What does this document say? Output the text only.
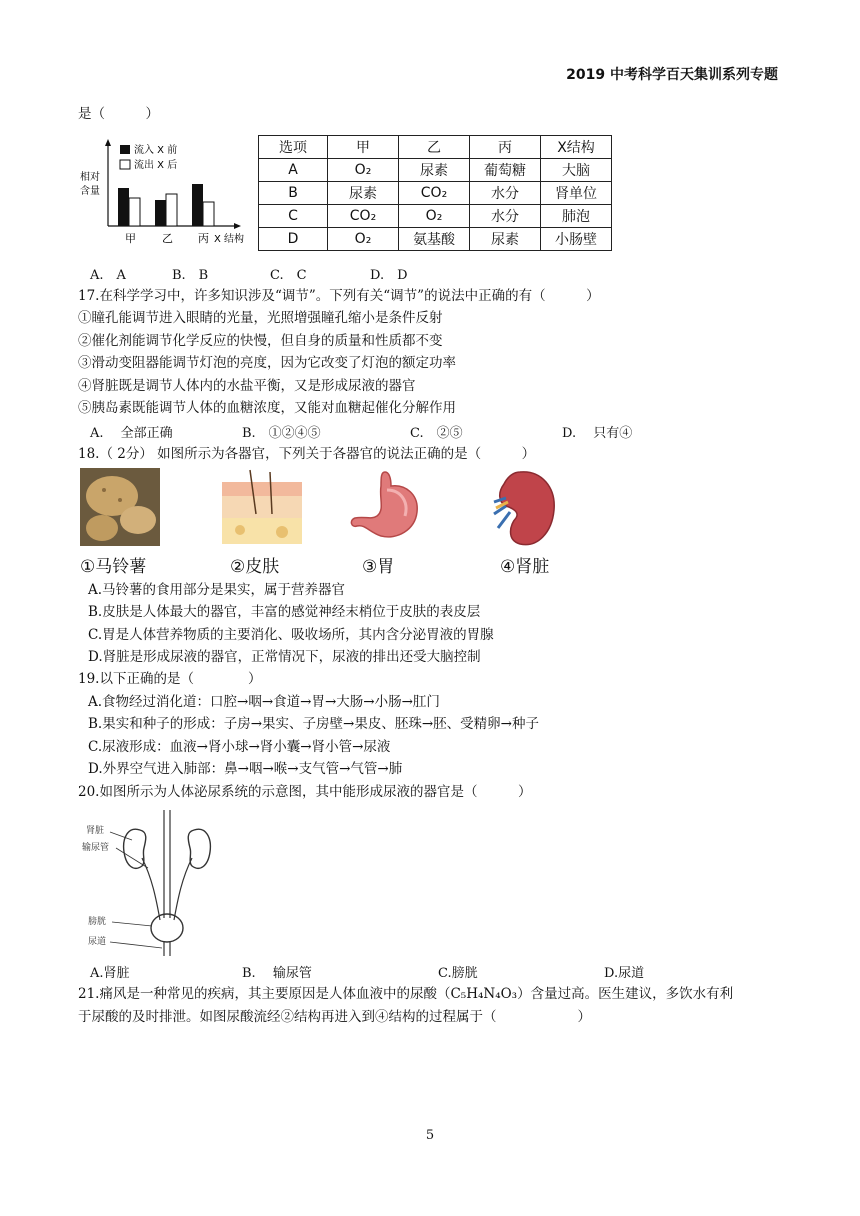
2019 中考科学百天集训系列专题
是（　　　）
相对
含量
流入 X 前
流出 X 后
甲 乙 丙 X 结构
选项	甲	乙	丙	X结构
A	O₂	尿素	葡萄糖	大脑
B	尿素	CO₂	水分	肾单位
C	CO₂	O₂	水分	肺泡
D	O₂	氨基酸	尿素	小肠壁
A.　A	B.　B	C.　C	D.　D
17.在科学学习中，许多知识涉及“调节”。下列有关“调节”的说法中正确的有（　　　）
①瞳孔能调节进入眼睛的光量，光照增强瞳孔缩小是条件反射
②催化剂能调节化学反应的快慢，但自身的质量和性质都不变
③滑动变阻器能调节灯泡的亮度，因为它改变了灯泡的额定功率
④肾脏既是调节人体内的水盐平衡，又是形成尿液的器官
⑤胰岛素既能调节人体的血糖浓度，又能对血糖起催化分解作用
A.　 全部正确	B.　①②④⑤	C.　②⑤	D.　 只有④
18.（ 2分） 如图所示为各器官，下列关于各器官的说法正确的是（　　　）
①马铃薯	②皮肤	③胃	④肾脏
A.马铃薯的食用部分是果实，属于营养器官
B.皮肤是人体最大的器官，丰富的感觉神经末梢位于皮肤的表皮层
C.胃是人体营养物质的主要消化、吸收场所，其内含分泌胃液的胃腺
D.肾脏是形成尿液的器官，正常情况下，尿液的排出还受大脑控制
19.以下正确的是（　　　　）
A.食物经过消化道：口腔→咽→食道→胃→大肠→小肠→肛门
B.果实和种子的形成：子房→果实、子房壁→果皮、胚珠→胚、受精卵→种子
C.尿液形成：血液→肾小球→肾小囊→肾小管→尿液
D.外界空气进入肺部：鼻→咽→喉→支气管→气管→肺
20.如图所示为人体泌尿系统的示意图，其中能形成尿液的器官是（　　　）
肾脏
输尿管
膀胱
尿道
A.肾脏	B.　 输尿管	C.膀胱	D.尿道
21.痛风是一种常见的疾病，其主要原因是人体血液中的尿酸（C₅H₄N₄O₃）含量过高。医生建议，多饮水有利
于尿酸的及时排泄。如图尿酸流经②结构再进入到④结构的过程属于（　　　　　　）
5
